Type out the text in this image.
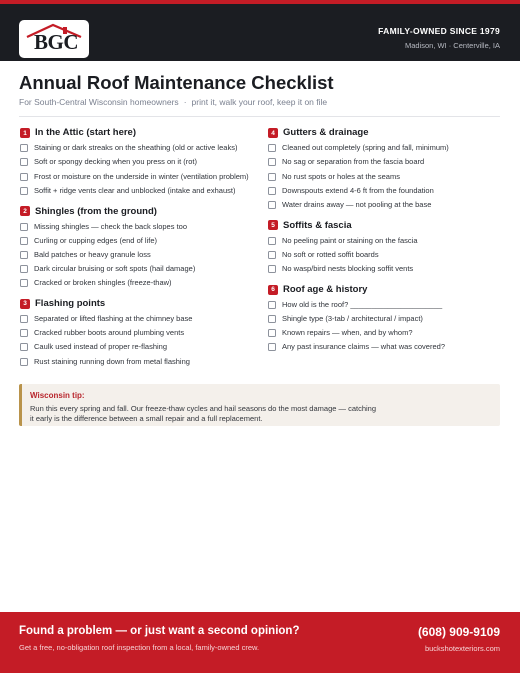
BGC	FAMILY-OWNED SINCE 1979
Madison, WI · Centerville, IA
Annual Roof Maintenance Checklist
For South-Central Wisconsin homeowners · print it, walk your roof, keep it on file
1 In the Attic (start here)
Staining or dark streaks on the sheathing (old or active leaks)
Soft or spongy decking when you press on it (rot)
Frost or moisture on the underside in winter (ventilation problem)
Soffit + ridge vents clear and unblocked (intake and exhaust)
2 Shingles (from the ground)
Missing shingles — check the back slopes too
Curling or cupping edges (end of life)
Bald patches or heavy granule loss
Dark circular bruising or soft spots (hail damage)
Cracked or broken shingles (freeze-thaw)
3 Flashing points
Separated or lifted flashing at the chimney base
Cracked rubber boots around plumbing vents
Caulk used instead of proper re-flashing
Rust staining running down from metal flashing
4 Gutters & drainage
Cleaned out completely (spring and fall, minimum)
No sag or separation from the fascia board
No rust spots or holes at the seams
Downspouts extend 4-6 ft from the foundation
Water drains away — not pooling at the base
5 Soffits & fascia
No peeling paint or staining on the fascia
No soft or rotted soffit boards
No wasp/bird nests blocking soffit vents
6 Roof age & history
How old is the roof? ______________________
Shingle type (3-tab / architectural / impact)
Known repairs — when, and by whom?
Any past insurance claims — what was covered?
Wisconsin tip:
Run this every spring and fall. Our freeze-thaw cycles and hail seasons do the most damage — catching it early is the difference between a small repair and a full replacement.
Found a problem — or just want a second opinion?
Get a free, no-obligation roof inspection from a local, family-owned crew.
(608) 909-9109
buckshotexteriors.com
